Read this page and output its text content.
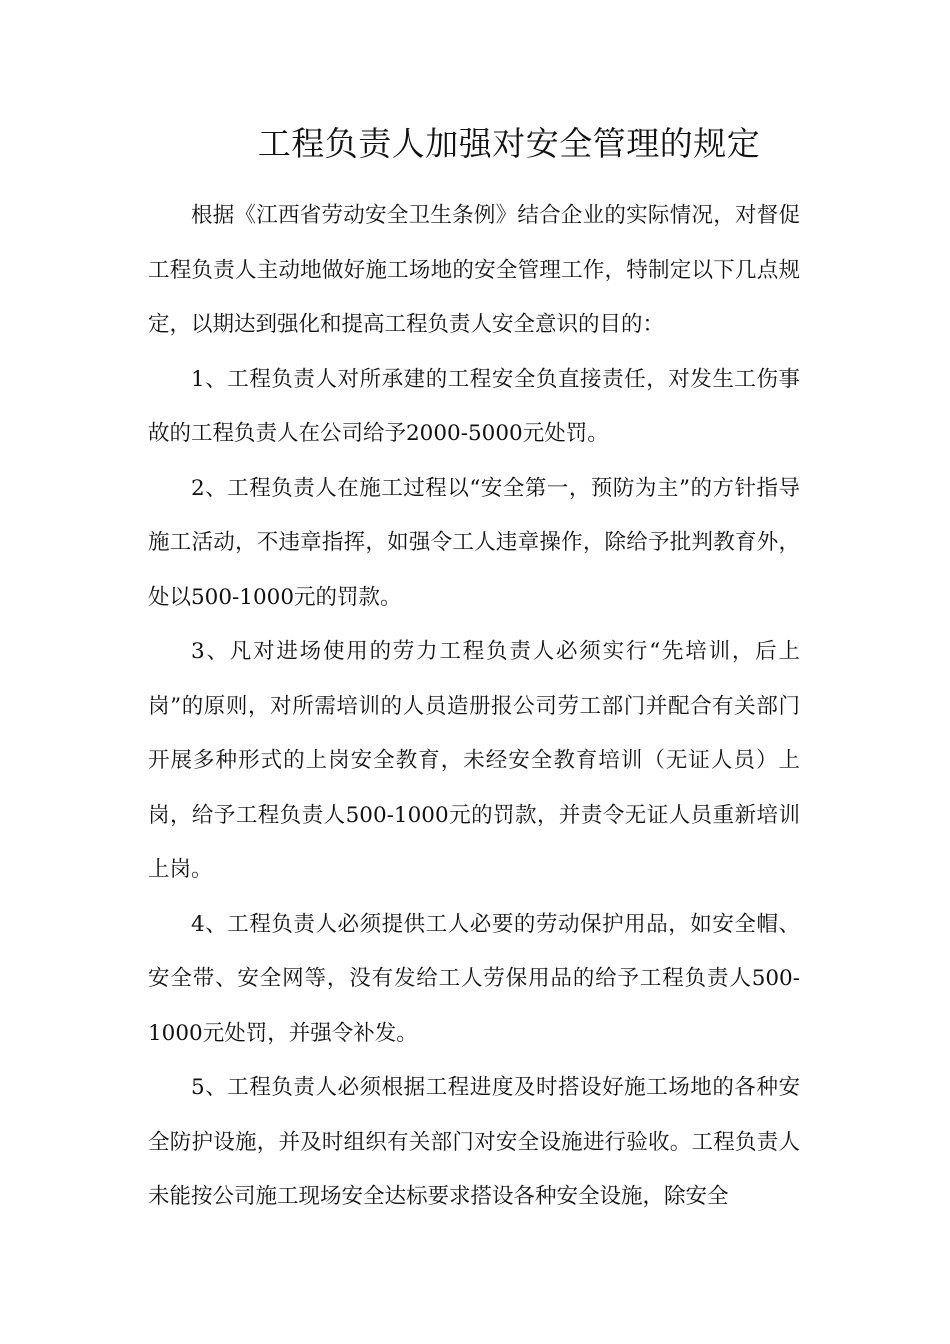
工程负责人加强对安全管理的规定

根据《江西省劳动安全卫生条例》结合企业的实际情况，对督促工程负责人主动地做好施工场地的安全管理工作，特制定以下几点规定，以期达到强化和提高工程负责人安全意识的目的：

1、工程负责人对所承建的工程安全负直接责任，对发生工伤事故的工程负责人在公司给予2000-5000元处罚。

2、工程负责人在施工过程以“安全第一，预防为主”的方针指导施工活动，不违章指挥，如强令工人违章操作，除给予批判教育外，处以500-1000元的罚款。

3、凡对进场使用的劳力工程负责人必须实行“先培训，后上岗”的原则，对所需培训的人员造册报公司劳工部门并配合有关部门开展多种形式的上岗安全教育，未经安全教育培训（无证人员）上岗，给予工程负责人500-1000元的罚款，并责令无证人员重新培训上岗。

4、工程负责人必须提供工人必要的劳动保护用品，如安全帽、安全带、安全网等，没有发给工人劳保用品的给予工程负责人500-1000元处罚，并强令补发。

5、工程负责人必须根据工程进度及时搭设好施工场地的各种安全防护设施，并及时组织有关部门对安全设施进行验收。工程负责人未能按公司施工现场安全达标要求搭设各种安全设施，除安全
